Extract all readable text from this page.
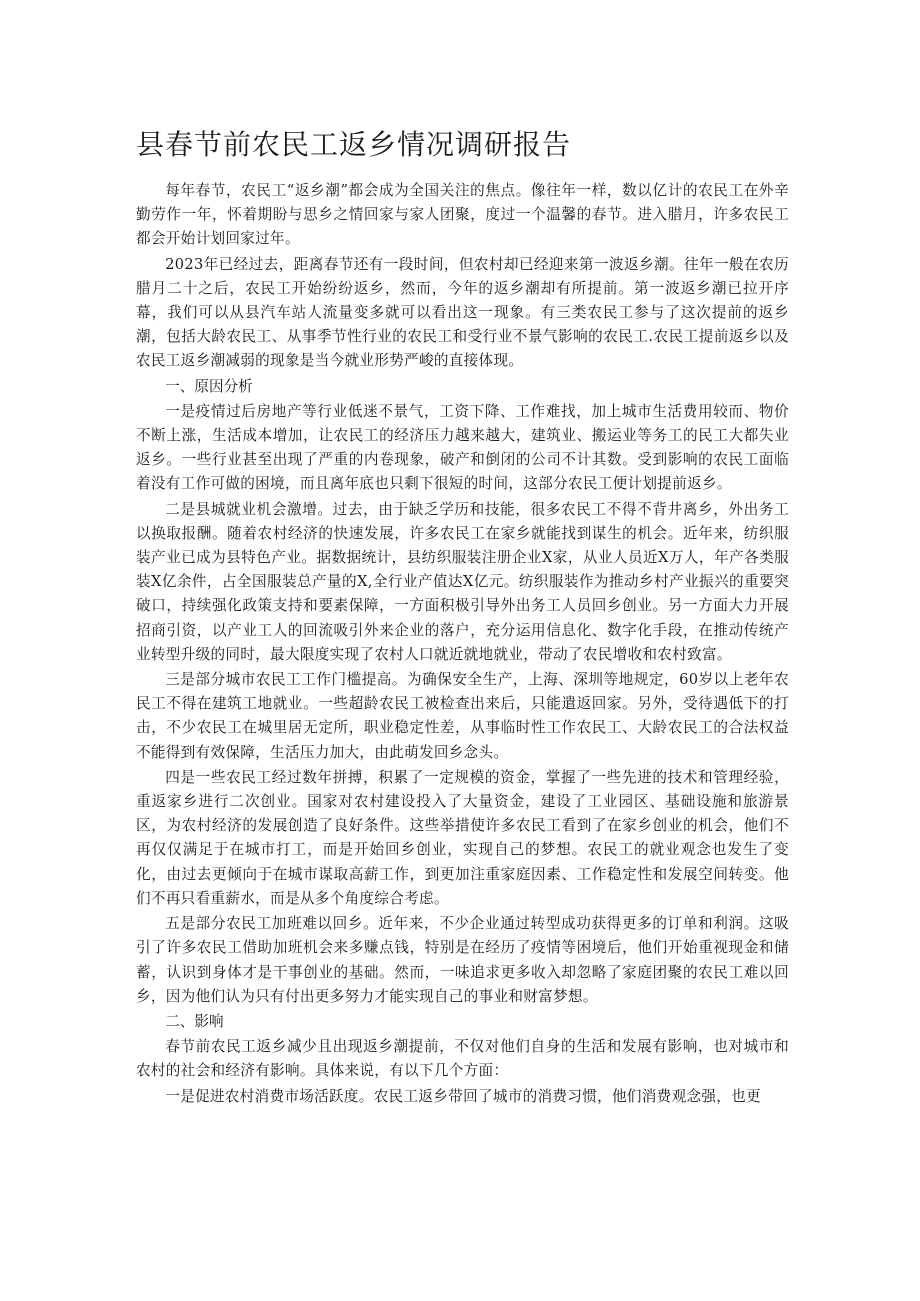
县春节前农民工返乡情况调研报告

每年春节，农民工“返乡潮”都会成为全国关注的焦点。像往年一样，数以亿计的农民工在外辛勤劳作一年，怀着期盼与思乡之情回家与家人团聚，度过一个温馨的春节。进入腊月，许多农民工都会开始计划回家过年。

2023年已经过去，距离春节还有一段时间，但农村却已经迎来第一波返乡潮。往年一般在农历腊月二十之后，农民工开始纷纷返乡，然而，今年的返乡潮却有所提前。第一波返乡潮已拉开序幕，我们可以从县汽车站人流量变多就可以看出这一现象。有三类农民工参与了这次提前的返乡潮，包括大龄农民工、从事季节性行业的农民工和受行业不景气影响的农民工.农民工提前返乡以及农民工返乡潮减弱的现象是当今就业形势严峻的直接体现。

一、原因分析

一是疫情过后房地产等行业低迷不景气，工资下降、工作难找，加上城市生活费用较而、物价不断上涨，生活成本增加，让农民工的经济压力越来越大，建筑业、搬运业等务工的民工大都失业返乡。一些行业甚至出现了严重的内卷现象，破产和倒闭的公司不计其数。受到影响的农民工面临着没有工作可做的困境，而且离年底也只剩下很短的时间，这部分农民工便计划提前返乡。

二是县城就业机会激增。过去，由于缺乏学历和技能，很多农民工不得不背井离乡，外出务工以换取报酬。随着农村经济的快速发展，许多农民工在家乡就能找到谋生的机会。近年来，纺织服装产业已成为县特色产业。据数据统计，县纺织服装注册企业X家，从业人员近X万人，年产各类服装X亿余件，占全国服装总产量的X,全行业产值达X亿元。纺织服装作为推动乡村产业振兴的重要突破口，持续强化政策支持和要素保障，一方面积极引导外出务工人员回乡创业。另一方面大力开展招商引资，以产业工人的回流吸引外来企业的落户，充分运用信息化、数字化手段，在推动传统产业转型升级的同时，最大限度实现了农村人口就近就地就业，带动了农民增收和农村致富。

三是部分城市农民工工作门槛提高。为确保安全生产，上海、深圳等地规定，60岁以上老年农民工不得在建筑工地就业。一些超龄农民工被检查出来后，只能遣返回家。另外，受待遇低下的打击，不少农民工在城里居无定所，职业稳定性差，从事临时性工作农民工、大龄农民工的合法权益不能得到有效保障，生活压力加大，由此萌发回乡念头。

四是一些农民工经过数年拼搏，积累了一定规模的资金，掌握了一些先进的技术和管理经验，重返家乡进行二次创业。国家对农村建设投入了大量资金，建设了工业园区、基础设施和旅游景区，为农村经济的发展创造了良好条件。这些举措使许多农民工看到了在家乡创业的机会，他们不再仅仅满足于在城市打工，而是开始回乡创业，实现自己的梦想。农民工的就业观念也发生了变化，由过去更倾向于在城市谋取高薪工作，到更加注重家庭因素、工作稳定性和发展空间转变。他们不再只看重薪水，而是从多个角度综合考虑。

五是部分农民工加班难以回乡。近年来，不少企业通过转型成功获得更多的订单和利润。这吸引了许多农民工借助加班机会来多赚点钱，特别是在经历了疫情等困境后，他们开始重视现金和储蓄，认识到身体才是干事创业的基础。然而，一味追求更多收入却忽略了家庭团聚的农民工难以回乡，因为他们认为只有付出更多努力才能实现自己的事业和财富梦想。

二、影响

春节前农民工返乡减少且出现返乡潮提前，不仅对他们自身的生活和发展有影响，也对城市和农村的社会和经济有影响。具体来说，有以下几个方面：

一是促进农村消费市场活跃度。农民工返乡带回了城市的消费习惯，他们消费观念强，也更
